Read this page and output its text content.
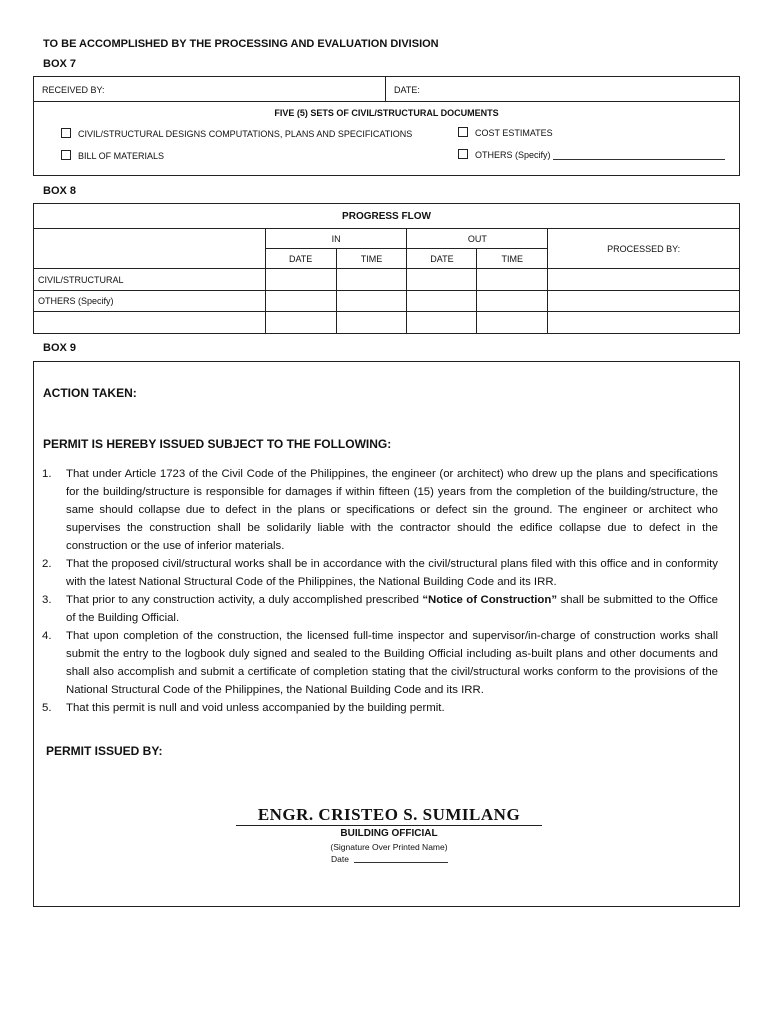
TO BE ACCOMPLISHED BY THE PROCESSING AND EVALUATION DIVISION
BOX 7
RECEIVED BY:	DATE:
FIVE (5) SETS OF CIVIL/STRUCTURAL DOCUMENTS
CIVIL/STRUCTURAL DESIGNS COMPUTATIONS, PLANS AND SPECIFICATIONS
BILL OF MATERIALS
COST ESTIMATES
OTHERS (Specify)
BOX 8
PROGRESS FLOW					
	IN		OUT		PROCESSED BY:
	DATE	TIME	DATE	TIME	
CIVIL/STRUCTURAL					
OTHERS (Specify)					

BOX 9
ACTION TAKEN:
PERMIT IS HEREBY ISSUED SUBJECT TO THE FOLLOWING:
1. That under Article 1723 of the Civil Code of the Philippines, the engineer (or architect) who drew up the plans and specifications for the building/structure is responsible for damages if within fifteen (15) years from the completion of the building/structure, the same should collapse due to defect in the plans or specifications or defect sin the ground. The engineer or architect who supervises the construction shall be solidarily liable with the contractor should the edifice collapse due to defect in the construction or the use of inferior materials.
2. That the proposed civil/structural works shall be in accordance with the civil/structural plans filed with this office and in conformity with the latest National Structural Code of the Philippines, the National Building Code and its IRR.
3. That prior to any construction activity, a duly accomplished prescribed “Notice of Construction” shall be submitted to the Office of the Building Official.
4. That upon completion of the construction, the licensed full-time inspector and supervisor/in-charge of construction works shall submit the entry to the logbook duly signed and sealed to the Building Official including as-built plans and other documents and shall also accomplish and submit a certificate of completion stating that the civil/structural works conform to the provisions of the National Structural Code of the Philippines, the National Building Code and its IRR.
5. That this permit is null and void unless accompanied by the building permit.
PERMIT ISSUED BY:
ENGR. CRISTEO S. SUMILANG
BUILDING OFFICIAL
(Signature Over Printed Name)
Date
